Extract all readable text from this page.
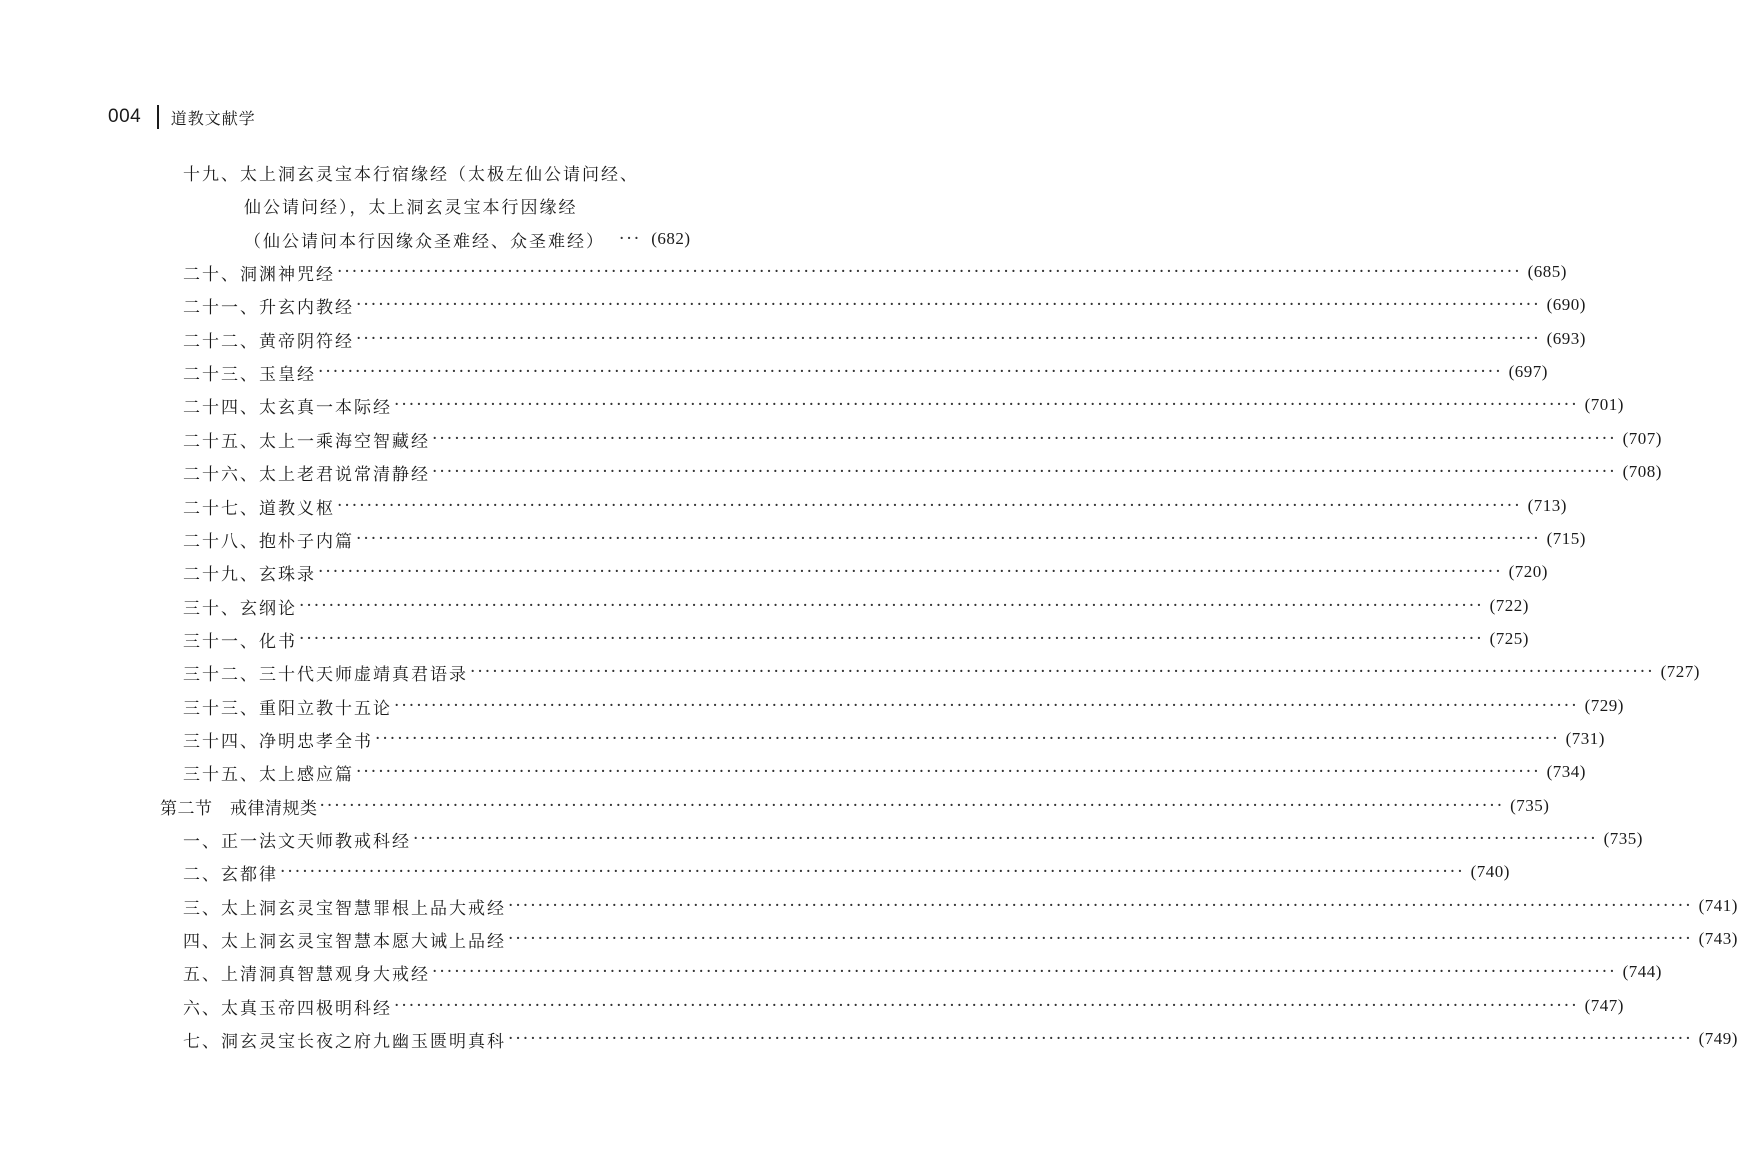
004 道教文献学
十九、太上洞玄灵宝本行宿缘经（太极左仙公请问经、
仙公请问经），太上洞玄灵宝本行因缘经
（仙公请问本行因缘众圣难经、众圣难经） ··· (682)
二十、洞渊神咒经 ································································································································································ (685)
二十一、升玄内教经 ································································································································································ (690)
二十二、黄帝阴符经 ································································································································································ (693)
二十三、玉皇经 ································································································································································ (697)
二十四、太玄真一本际经 ································································································································································ (701)
二十五、太上一乘海空智藏经 ································································································································································ (707)
二十六、太上老君说常清静经 ································································································································································ (708)
二十七、道教义枢 ································································································································································ (713)
二十八、抱朴子内篇 ································································································································································ (715)
二十九、玄珠录 ································································································································································ (720)
三十、玄纲论 ································································································································································ (722)
三十一、化书 ································································································································································ (725)
三十二、三十代天师虚靖真君语录 ································································································································································ (727)
三十三、重阳立教十五论 ································································································································································ (729)
三十四、净明忠孝全书 ································································································································································ (731)
三十五、太上感应篇 ································································································································································ (734)
第二节　戒律清规类 ································································································································································ (735)
一、正一法文天师教戒科经 ································································································································································ (735)
二、玄都律 ································································································································································ (740)
三、太上洞玄灵宝智慧罪根上品大戒经 ································································································································································ (741)
四、太上洞玄灵宝智慧本愿大诫上品经 ································································································································································ (743)
五、上清洞真智慧观身大戒经 ································································································································································ (744)
六、太真玉帝四极明科经 ································································································································································ (747)
七、洞玄灵宝长夜之府九幽玉匮明真科 ································································································································································ (749)
